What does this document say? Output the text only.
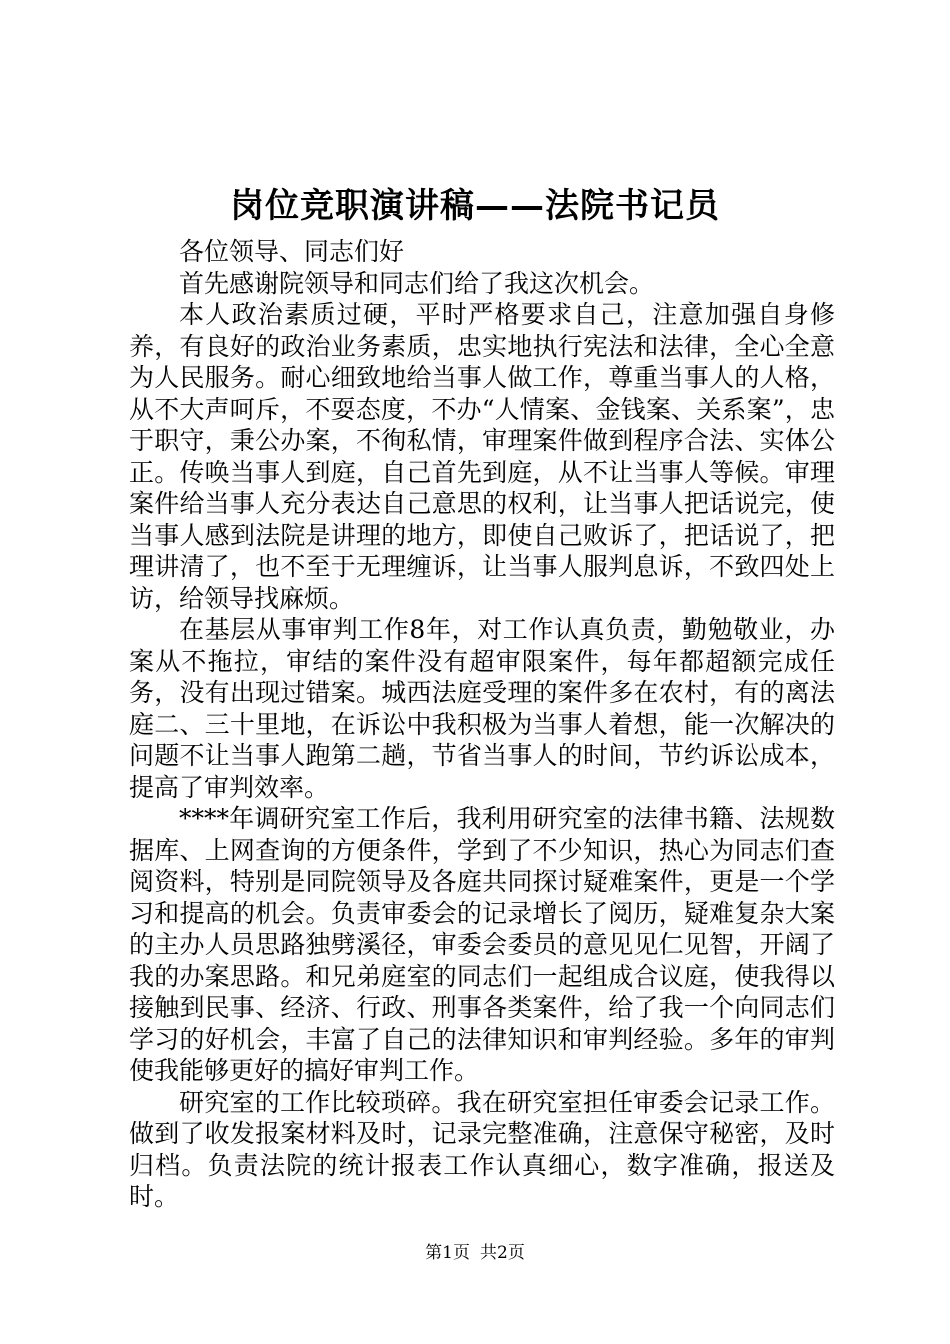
岗位竞职演讲稿——法院书记员

各位领导、同志们好

首先感谢院领导和同志们给了我这次机会。

本人政治素质过硬，平时严格要求自己，注意加强自身修养，有良好的政治业务素质，忠实地执行宪法和法律，全心全意为人民服务。耐心细致地给当事人做工作，尊重当事人的人格，从不大声呵斥，不耍态度，不办“人情案、金钱案、关系案”，忠于职守，秉公办案，不徇私情，审理案件做到程序合法、实体公正。传唤当事人到庭，自己首先到庭，从不让当事人等候。审理案件给当事人充分表达自己意思的权利，让当事人把话说完，使当事人感到法院是讲理的地方，即使自己败诉了，把话说了，把理讲清了，也不至于无理缠诉，让当事人服判息诉，不致四处上访，给领导找麻烦。

在基层从事审判工作8年，对工作认真负责，勤勉敬业，办案从不拖拉，审结的案件没有超审限案件，每年都超额完成任务，没有出现过错案。城西法庭受理的案件多在农村，有的离法庭二、三十里地，在诉讼中我积极为当事人着想，能一次解决的问题不让当事人跑第二趟，节省当事人的时间，节约诉讼成本，提高了审判效率。

****年调研究室工作后，我利用研究室的法律书籍、法规数据库、上网查询的方便条件，学到了不少知识，热心为同志们查阅资料，特别是同院领导及各庭共同探讨疑难案件，更是一个学习和提高的机会。负责审委会的记录增长了阅历，疑难复杂大案的主办人员思路独劈溪径，审委会委员的意见见仁见智，开阔了我的办案思路。和兄弟庭室的同志们一起组成合议庭，使我得以接触到民事、经济、行政、刑事各类案件，给了我一个向同志们学习的好机会，丰富了自己的法律知识和审判经验。多年的审判使我能够更好的搞好审判工作。

研究室的工作比较琐碎。我在研究室担任审委会记录工作。做到了收发报案材料及时，记录完整准确，注意保守秘密，及时归档。负责法院的统计报表工作认真细心，数字准确，报送及时。

第1页 共2页
